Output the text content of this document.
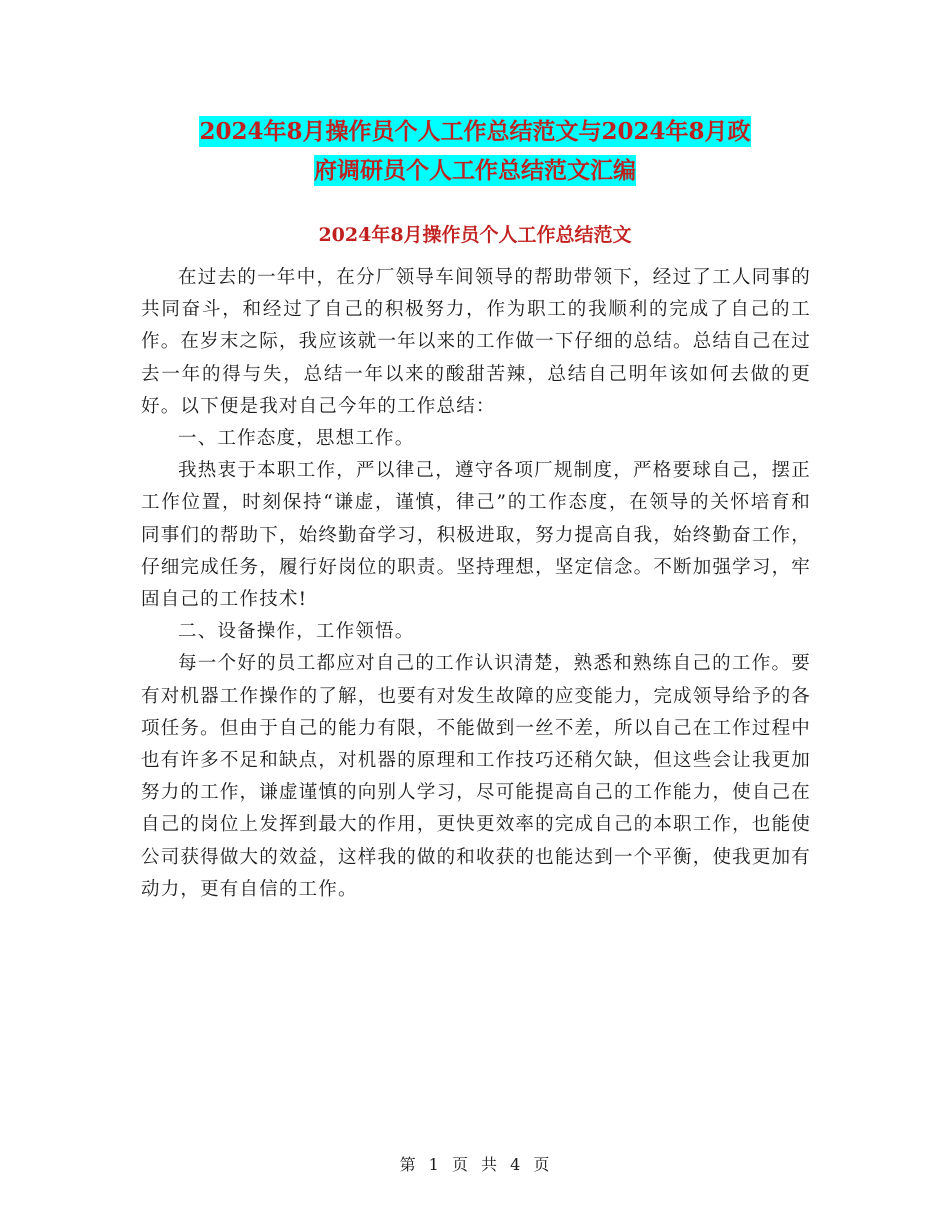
2024年8月操作员个人工作总结范文与2024年8月政
府调研员个人工作总结范文汇编
2024年8月操作员个人工作总结范文

在过去的一年中，在分厂领导车间领导的帮助带领下，经过了工人同事的共同奋斗，和经过了自己的积极努力，作为职工的我顺利的完成了自己的工作。在岁末之际，我应该就一年以来的工作做一下仔细的总结。总结自己在过去一年的得与失，总结一年以来的酸甜苦辣，总结自己明年该如何去做的更好。以下便是我对自己今年的工作总结：

一、工作态度，思想工作。

我热衷于本职工作，严以律己，遵守各项厂规制度，严格要球自己，摆正工作位置，时刻保持“谦虚，谨慎，律己”的工作态度，在领导的关怀培育和同事们的帮助下，始终勤奋学习，积极进取，努力提高自我，始终勤奋工作，仔细完成任务，履行好岗位的职责。坚持理想，坚定信念。不断加强学习，牢固自己的工作技术!

二、设备操作，工作领悟。

每一个好的员工都应对自己的工作认识清楚，熟悉和熟练自己的工作。要有对机器工作操作的了解，也要有对发生故障的应变能力，完成领导给予的各项任务。但由于自己的能力有限，不能做到一丝不差，所以自己在工作过程中也有许多不足和缺点，对机器的原理和工作技巧还稍欠缺，但这些会让我更加努力的工作，谦虚谨慎的向别人学习，尽可能提高自己的工作能力，使自己在自己的岗位上发挥到最大的作用，更快更效率的完成自己的本职工作，也能使公司获得做大的效益，这样我的做的和收获的也能达到一个平衡，使我更加有动力，更有自信的工作。

第 1 页 共 4 页
